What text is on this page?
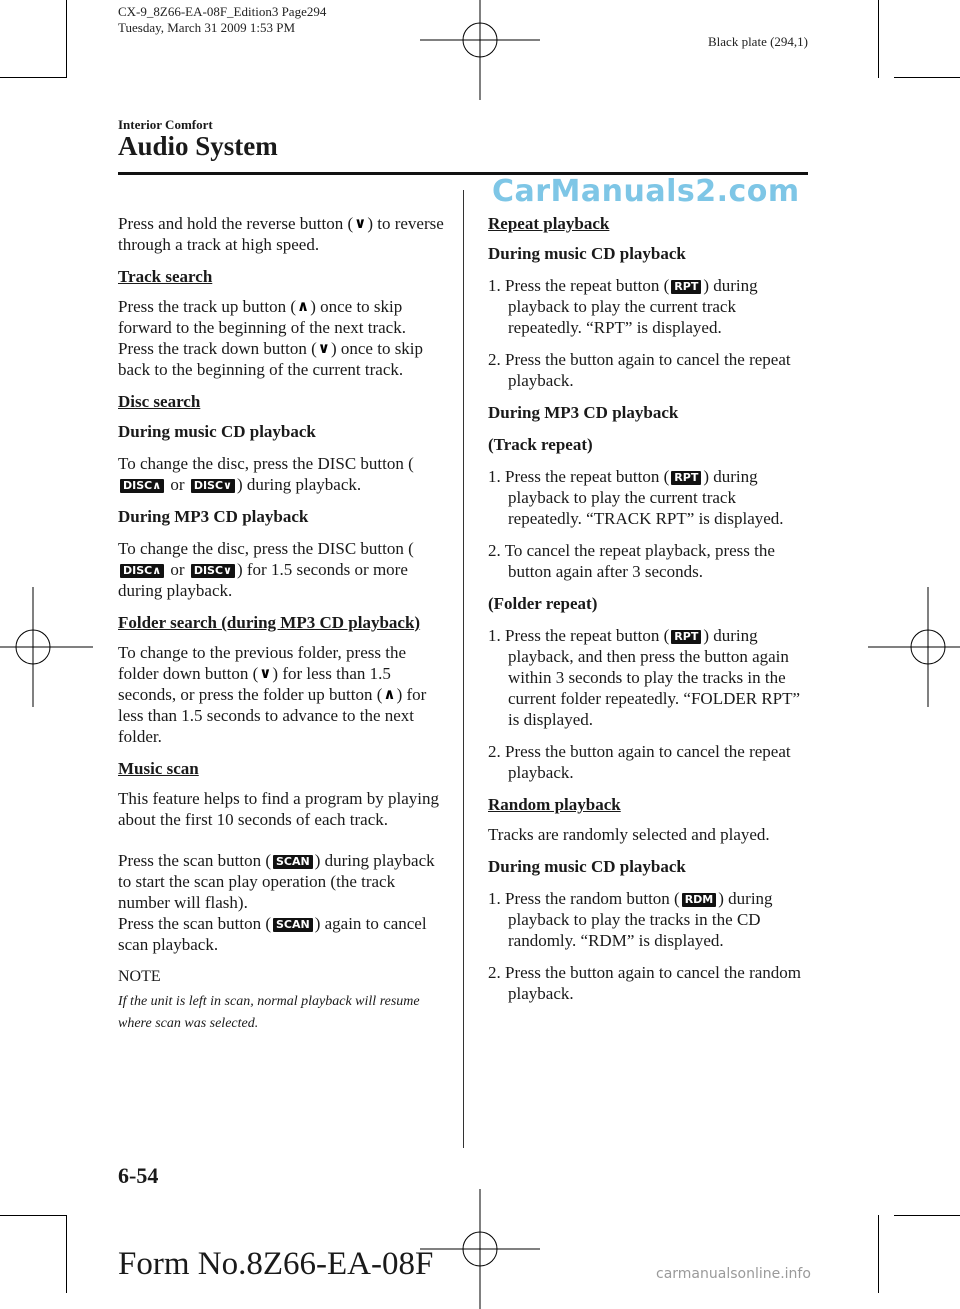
CX-9_8Z66-EA-08F_Edition3 Page294
Tuesday, March 31 2009 1:53 PM
Black plate (294,1)
Interior Comfort
Audio System
CarManuals2.com

Press and hold the reverse button (∨) to reverse through a track at high speed.

Track search

Press the track up button (∧) once to skip forward to the beginning of the next track. Press the track down button (∨) once to skip back to the beginning of the current track.

Disc search

During music CD playback

To change the disc, press the DISC button (DISC∧ or DISC∨ ) during playback.

During MP3 CD playback

To change the disc, press the DISC button (DISC∧ or DISC∨ ) for 1.5 seconds or more during playback.

Folder search (during MP3 CD playback)

To change to the previous folder, press the folder down button (∨) for less than 1.5 seconds, or press the folder up button (∧) for less than 1.5 seconds to advance to the next folder.

Music scan

This feature helps to find a program by playing about the first 10 seconds of each track.

Press the scan button ( SCAN ) during playback to start the scan play operation (the track number will flash).

Press the scan button ( SCAN ) again to cancel scan playback.

NOTE

If the unit is left in scan, normal playback will resume where scan was selected.

Repeat playback

During music CD playback

1. Press the repeat button ( RPT ) during playback to play the current track repeatedly. “RPT” is displayed.

2. Press the button again to cancel the repeat playback.

During MP3 CD playback

(Track repeat)

1. Press the repeat button ( RPT ) during playback to play the current track repeatedly. “TRACK RPT” is displayed.

2. To cancel the repeat playback, press the button again after 3 seconds.

(Folder repeat)

1. Press the repeat button ( RPT ) during playback, and then press the button again within 3 seconds to play the tracks in the current folder repeatedly. “FOLDER RPT” is displayed.

2. Press the button again to cancel the repeat playback.

Random playback

Tracks are randomly selected and played.

During music CD playback

1. Press the random button ( RDM ) during playback to play the tracks in the CD randomly. “RDM” is displayed.

2. Press the button again to cancel the random playback.

6-54
Form No.8Z66-EA-08F	carmanualsonline.info
